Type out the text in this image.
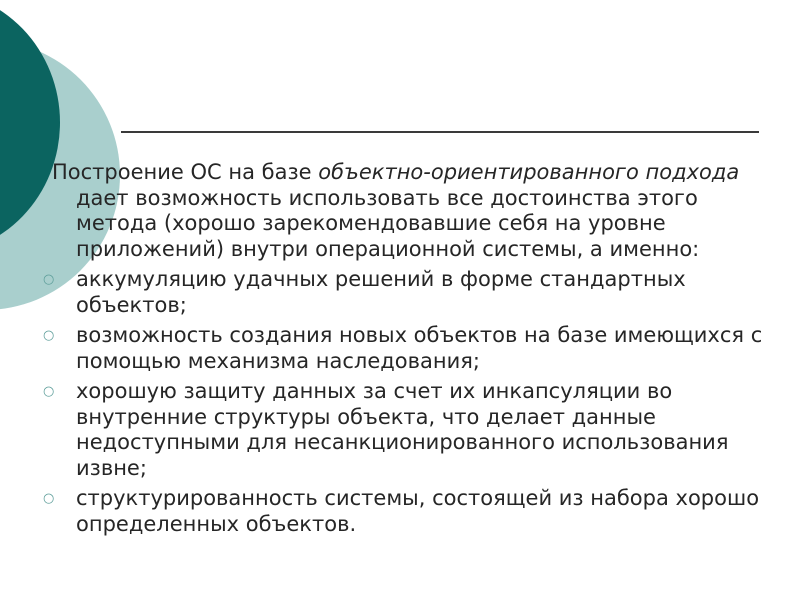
Построение ОС на базе объектно-ориентированного подхода дает возможность использовать все достоинства этого метода (хорошо зарекомендовавшие себя на уровне приложений) внутри операционной системы, а именно:

○ аккумуляцию удачных решений в форме стандартных объектов;
○ возможность создания новых объектов на базе имеющихся с помощью механизма наследования;
○ хорошую защиту данных за счет их инкапсуляции во внутренние структуры объекта, что делает данные недоступными для несанкционированного использования извне;
○ структурированность системы, состоящей из набора хорошо определенных объектов.
